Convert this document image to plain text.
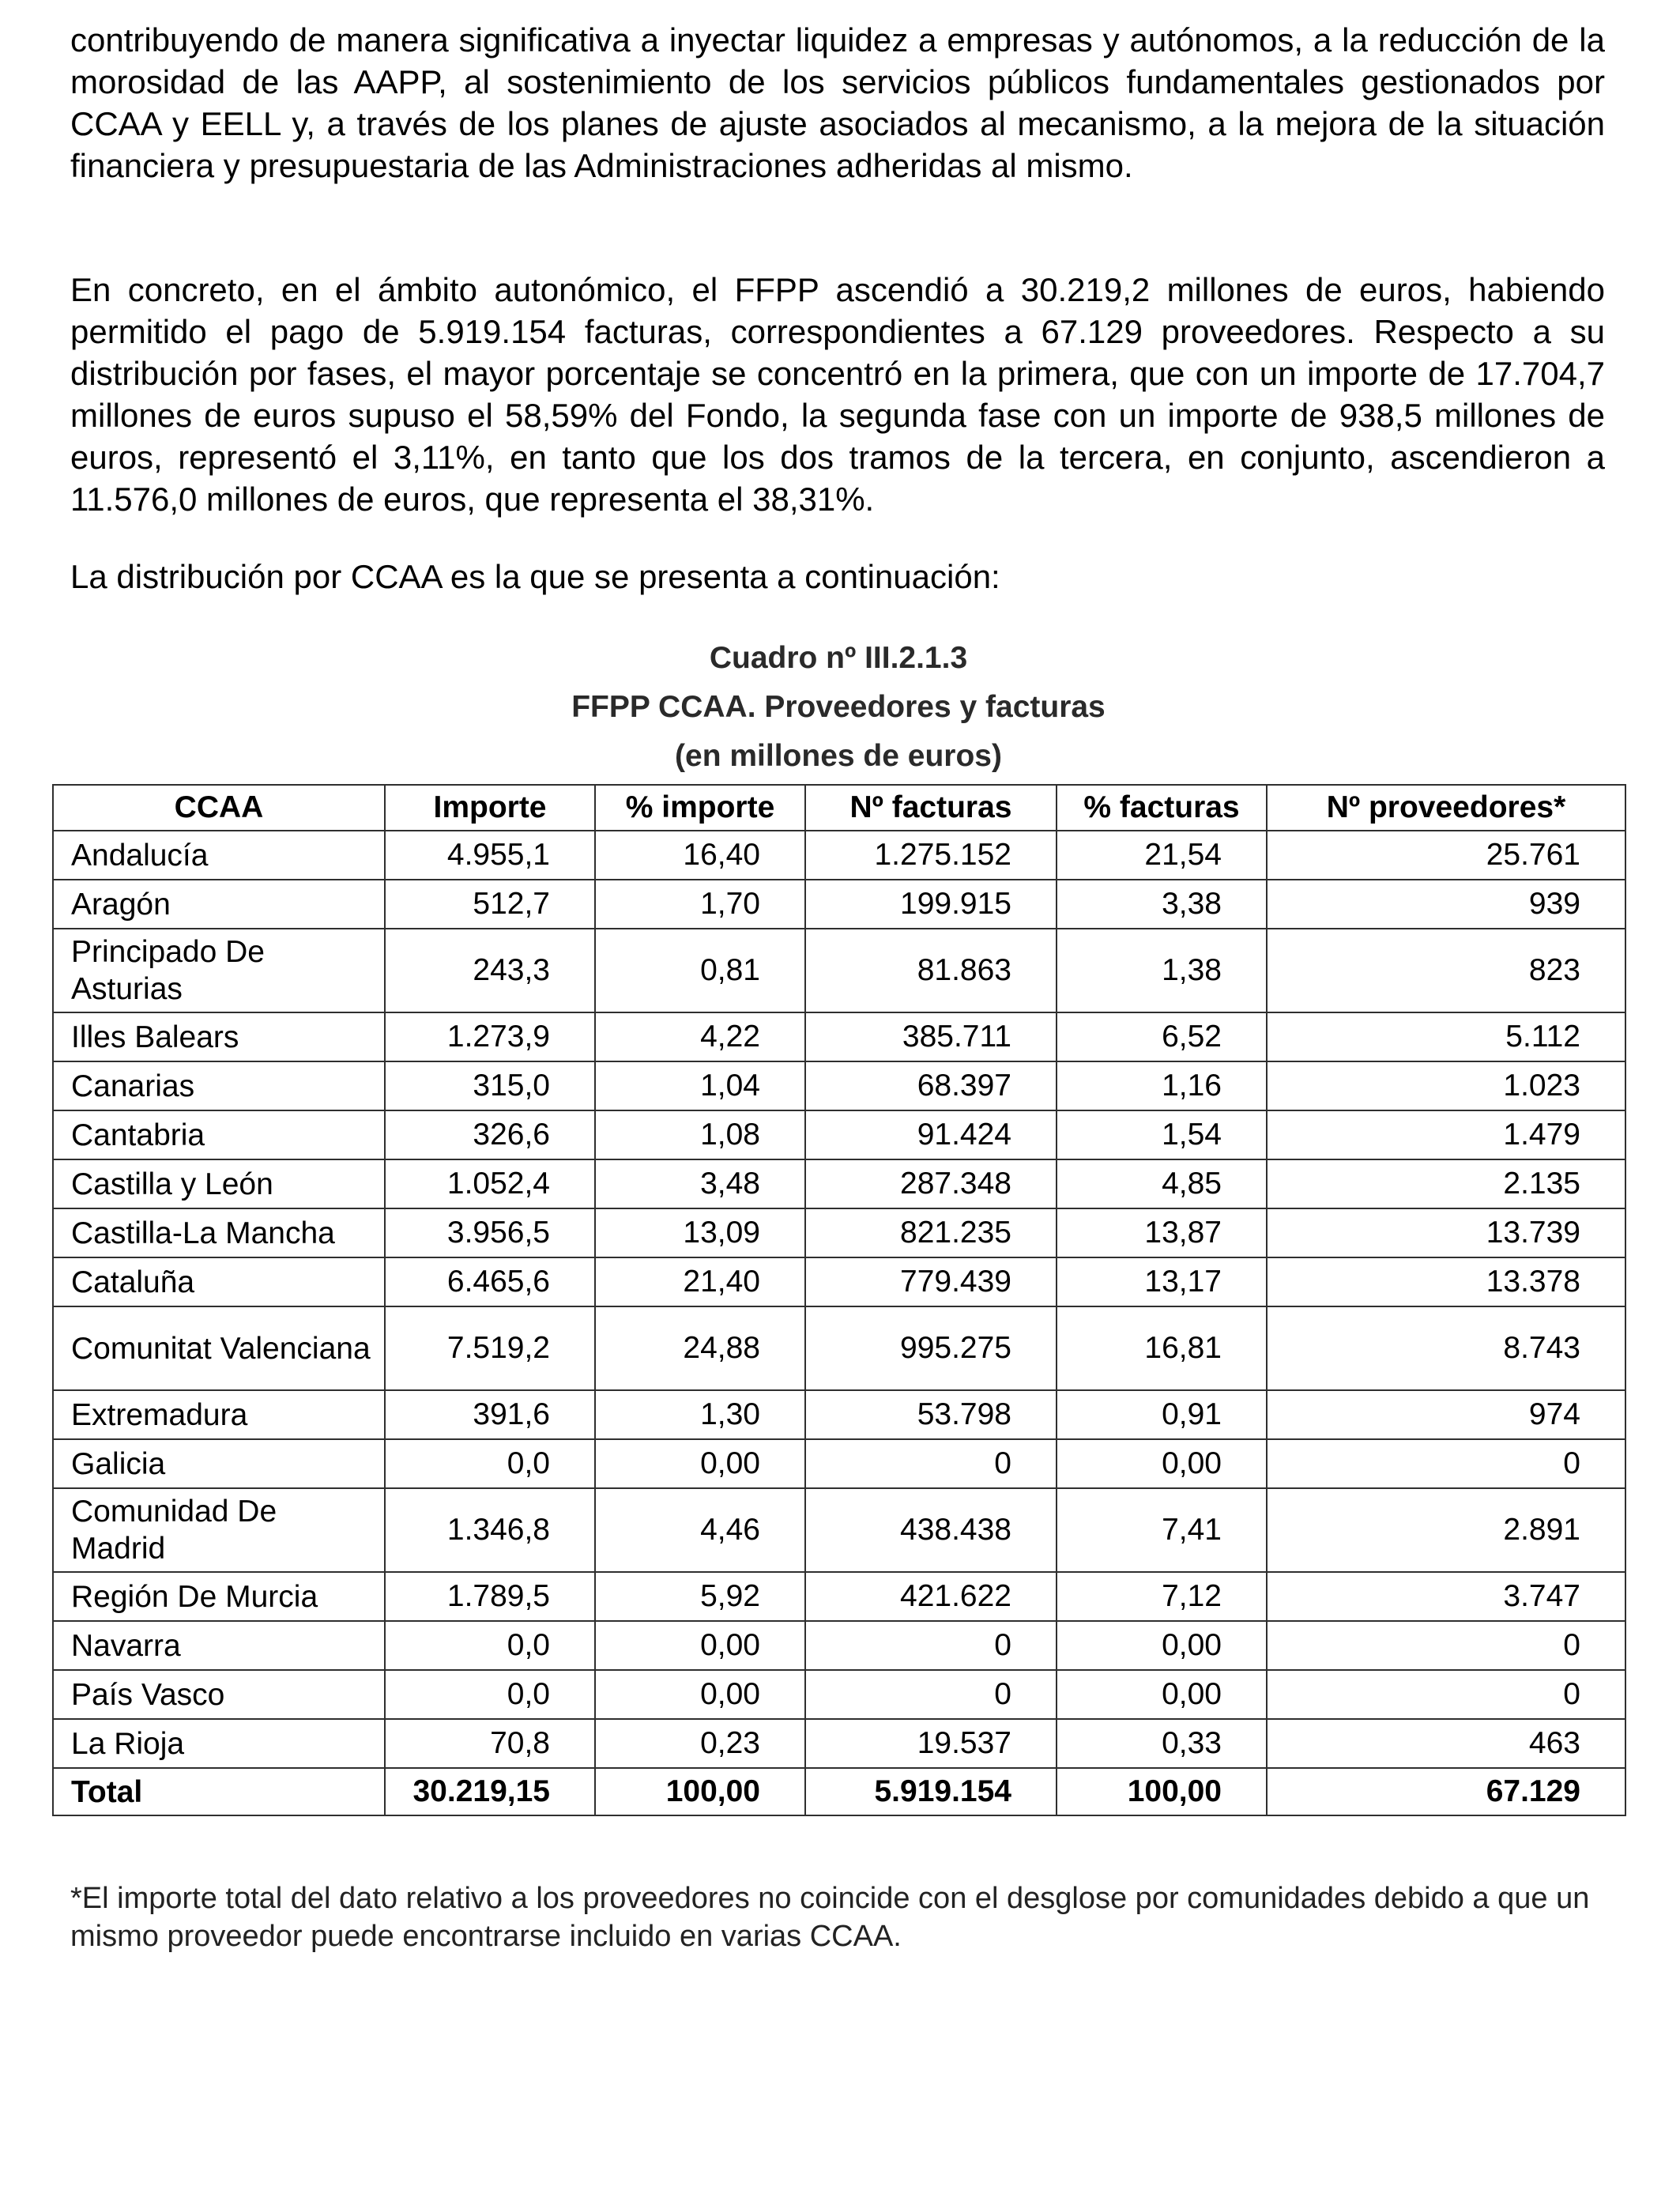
contribuyendo de manera significativa a inyectar liquidez a empresas y autónomos, a la reducción de la morosidad de las AAPP, al sostenimiento de los servicios públicos fundamentales gestionados por CCAA y EELL y, a través de los planes de ajuste asociados al mecanismo, a la mejora de la situación financiera y presupuestaria de las Administraciones adheridas al mismo.

En concreto, en el ámbito autonómico, el FFPP ascendió a 30.219,2 millones de euros, habiendo permitido el pago de 5.919.154 facturas, correspondientes a 67.129 proveedores. Respecto a su distribución por fases, el mayor porcentaje se concentró en la primera, que con un importe de 17.704,7 millones de euros supuso el 58,59% del Fondo, la segunda fase con un importe de 938,5 millones de euros, representó el 3,11%, en tanto que los dos tramos de la tercera, en conjunto, ascendieron a 11.576,0 millones de euros, que representa el 38,31%.

La distribución por CCAA es la que se presenta a continuación:

Cuadro nº III.2.1.3

FFPP CCAA. Proveedores y facturas

(en millones de euros)

CCAA	Importe	% importe	Nº facturas	% facturas	Nº proveedores*
Andalucía	4.955,1	16,40	1.275.152	21,54	25.761
Aragón	512,7	1,70	199.915	3,38	939
Principado De Asturias	243,3	0,81	81.863	1,38	823
Illes Balears	1.273,9	4,22	385.711	6,52	5.112
Canarias	315,0	1,04	68.397	1,16	1.023
Cantabria	326,6	1,08	91.424	1,54	1.479
Castilla y León	1.052,4	3,48	287.348	4,85	2.135
Castilla-La Mancha	3.956,5	13,09	821.235	13,87	13.739
Cataluña	6.465,6	21,40	779.439	13,17	13.378
Comunitat Valenciana	7.519,2	24,88	995.275	16,81	8.743
Extremadura	391,6	1,30	53.798	0,91	974
Galicia	0,0	0,00	0	0,00	0
Comunidad De Madrid	1.346,8	4,46	438.438	7,41	2.891
Región De Murcia	1.789,5	5,92	421.622	7,12	3.747
Navarra	0,0	0,00	0	0,00	0
País Vasco	0,0	0,00	0	0,00	0
La Rioja	70,8	0,23	19.537	0,33	463
Total	30.219,15	100,00	5.919.154	100,00	67.129

*El importe total del dato relativo a los proveedores no coincide con el desglose por comunidades debido a que un mismo proveedor puede encontrarse incluido en varias CCAA.
